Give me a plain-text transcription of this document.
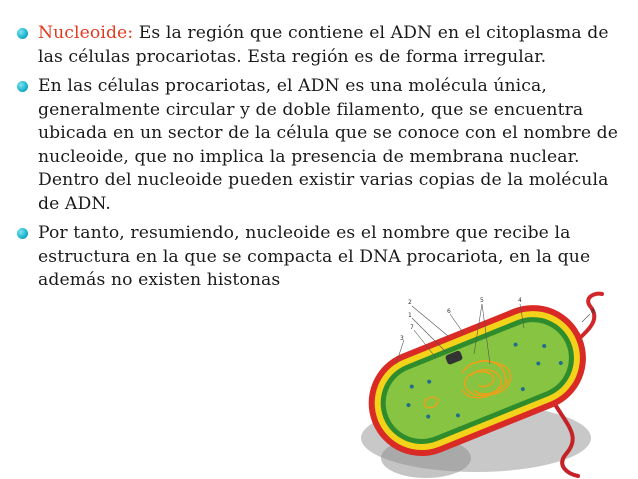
Nucleoide: Es la región que contiene el ADN en el citoplasma de las células procariotas. Esta región es de forma irregular.
En las células procariotas, el ADN es una molécula única, generalmente circular y de doble filamento, que se encuentra ubicada en un sector de la célula que se conoce con el nombre de nucleoide, que no implica la presencia de membrana nuclear. Dentro del nucleoide pueden existir varias copias de la molécula de ADN.
Por tanto, resumiendo, nucleoide es el nombre que recibe la estructura en la que se compacta el DNA procariota, en la que además no existen histonas
2
1
7
3
6
5	4
8
